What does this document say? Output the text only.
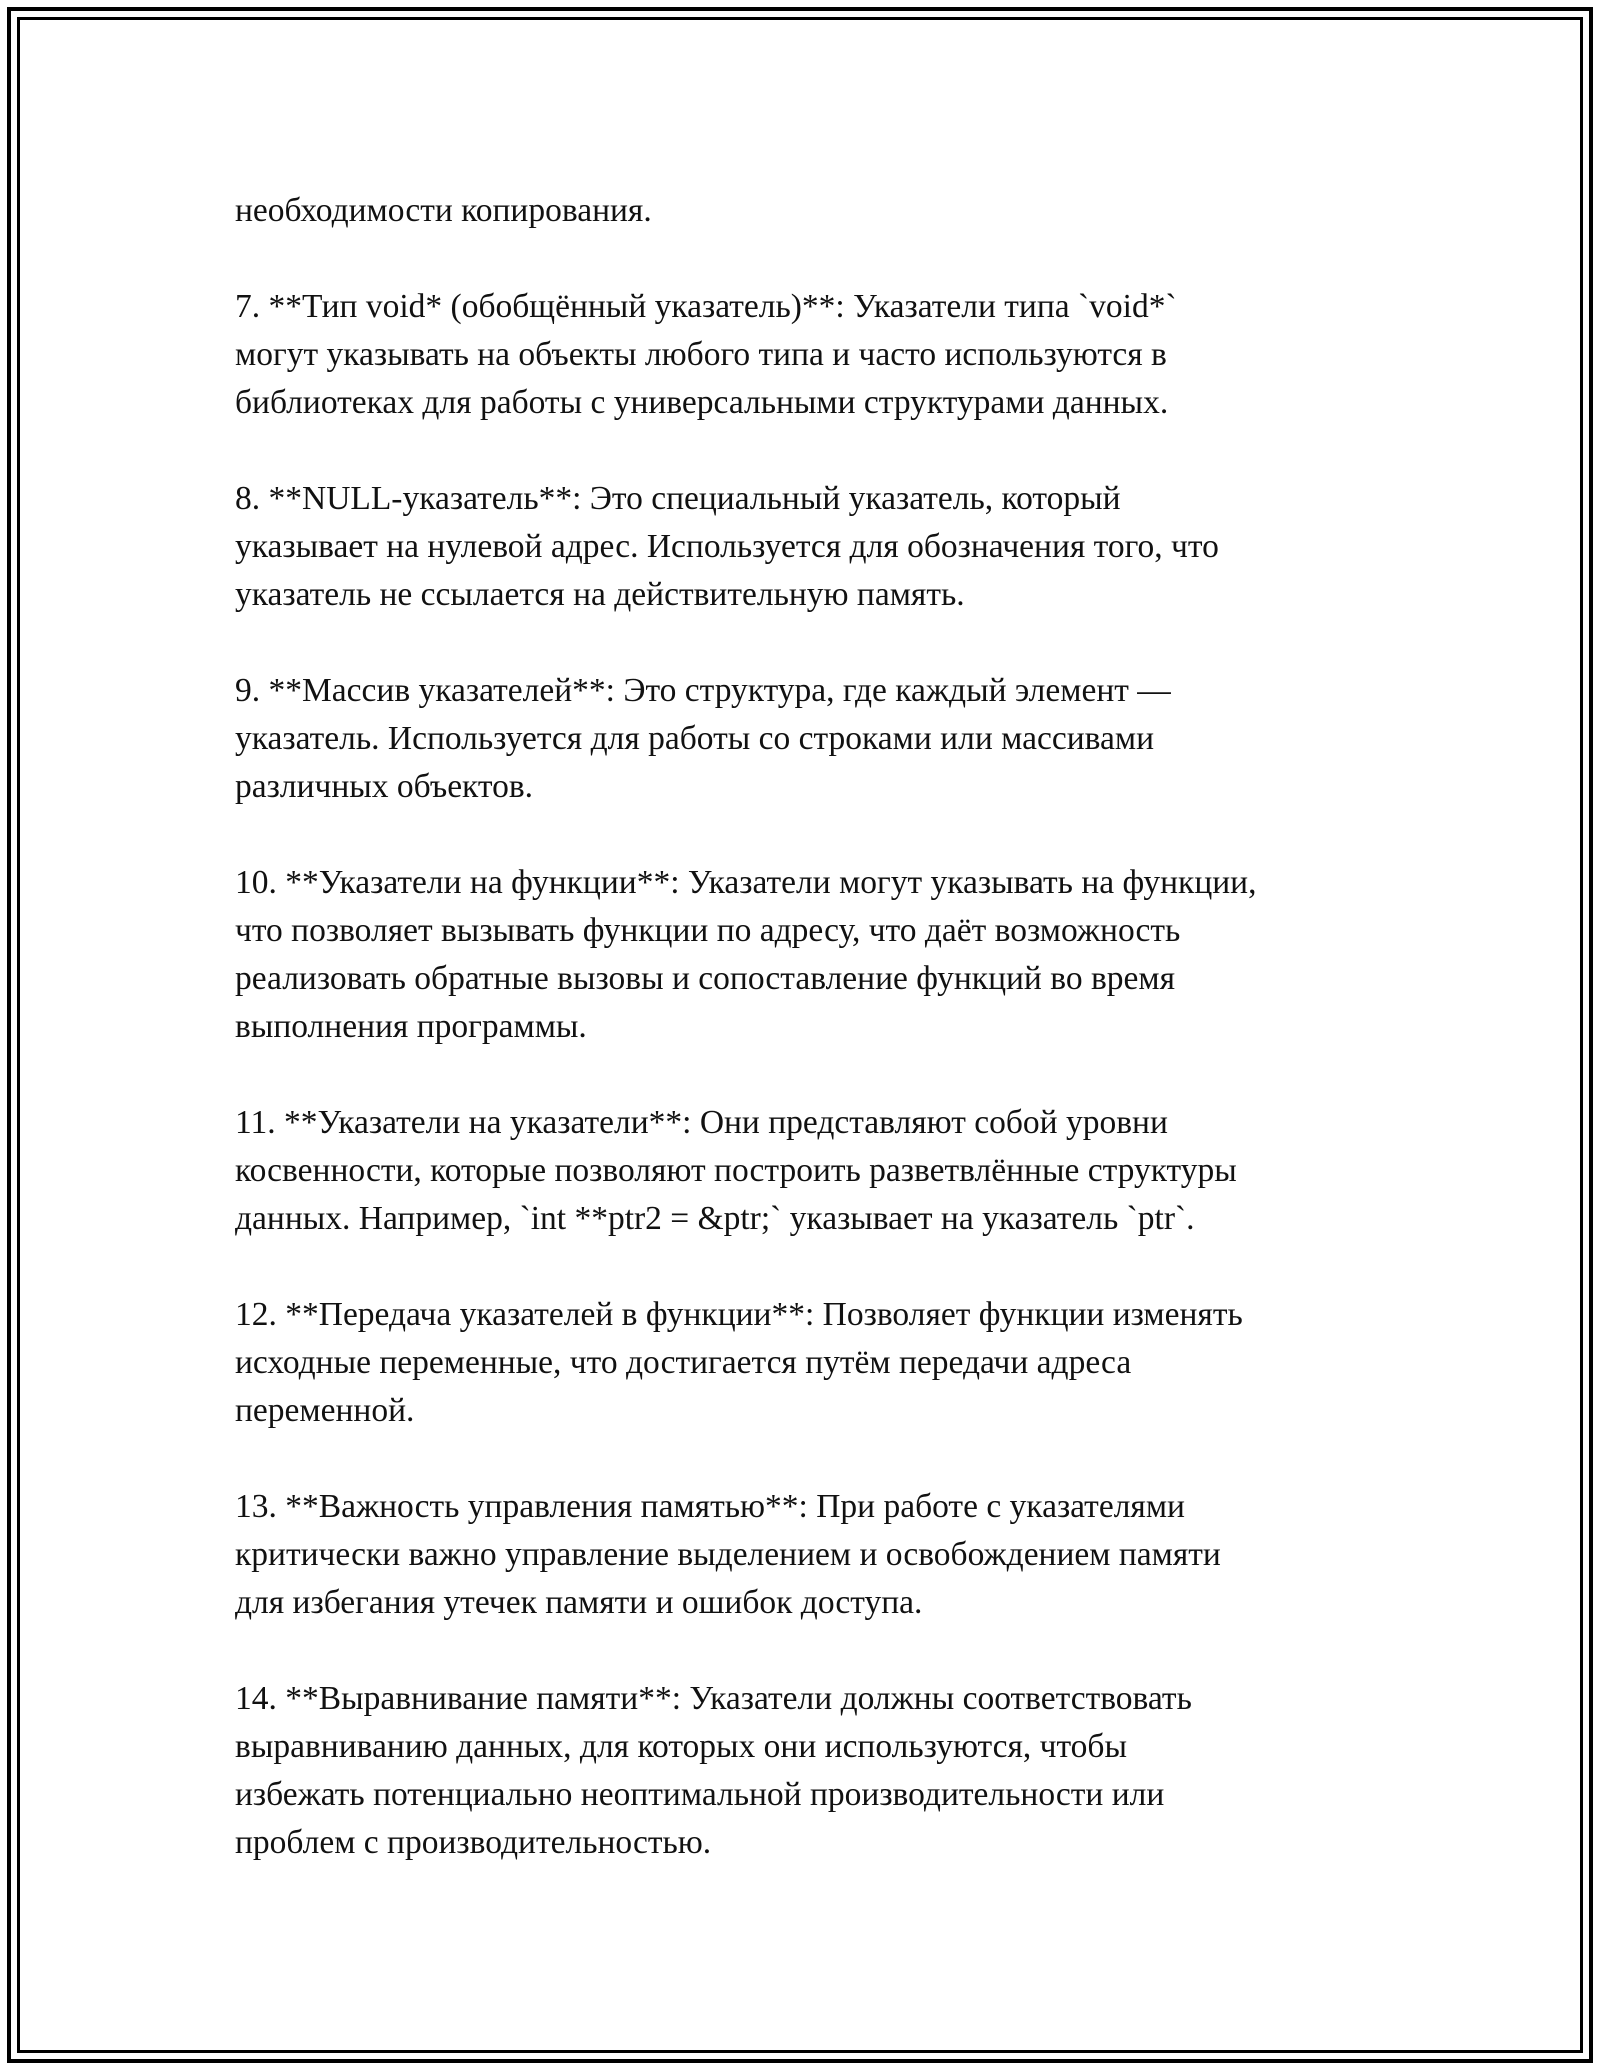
необходимости копирования.

7. **Тип void* (обобщённый указатель)**: Указатели типа `void*`
могут указывать на объекты любого типа и часто используются в
библиотеках для работы с универсальными структурами данных.

8. **NULL-указатель**: Это специальный указатель, который
указывает на нулевой адрес. Используется для обозначения того, что
указатель не ссылается на действительную память.

9. **Массив указателей**: Это структура, где каждый элемент —
указатель. Используется для работы со строками или массивами
различных объектов.

10. **Указатели на функции**: Указатели могут указывать на функции,
что позволяет вызывать функции по адресу, что даёт возможность
реализовать обратные вызовы и сопоставление функций во время
выполнения программы.

11. **Указатели на указатели**: Они представляют собой уровни
косвенности, которые позволяют построить разветвлённые структуры
данных. Например, `int **ptr2 = &ptr;` указывает на указатель `ptr`.

12. **Передача указателей в функции**: Позволяет функции изменять
исходные переменные, что достигается путём передачи адреса
переменной.

13. **Важность управления памятью**: При работе с указателями
критически важно управление выделением и освобождением памяти
для избегания утечек памяти и ошибок доступа.

14. **Выравнивание памяти**: Указатели должны соответствовать
выравниванию данных, для которых они используются, чтобы
избежать потенциально неоптимальной производительности или
проблем с производительностью.
